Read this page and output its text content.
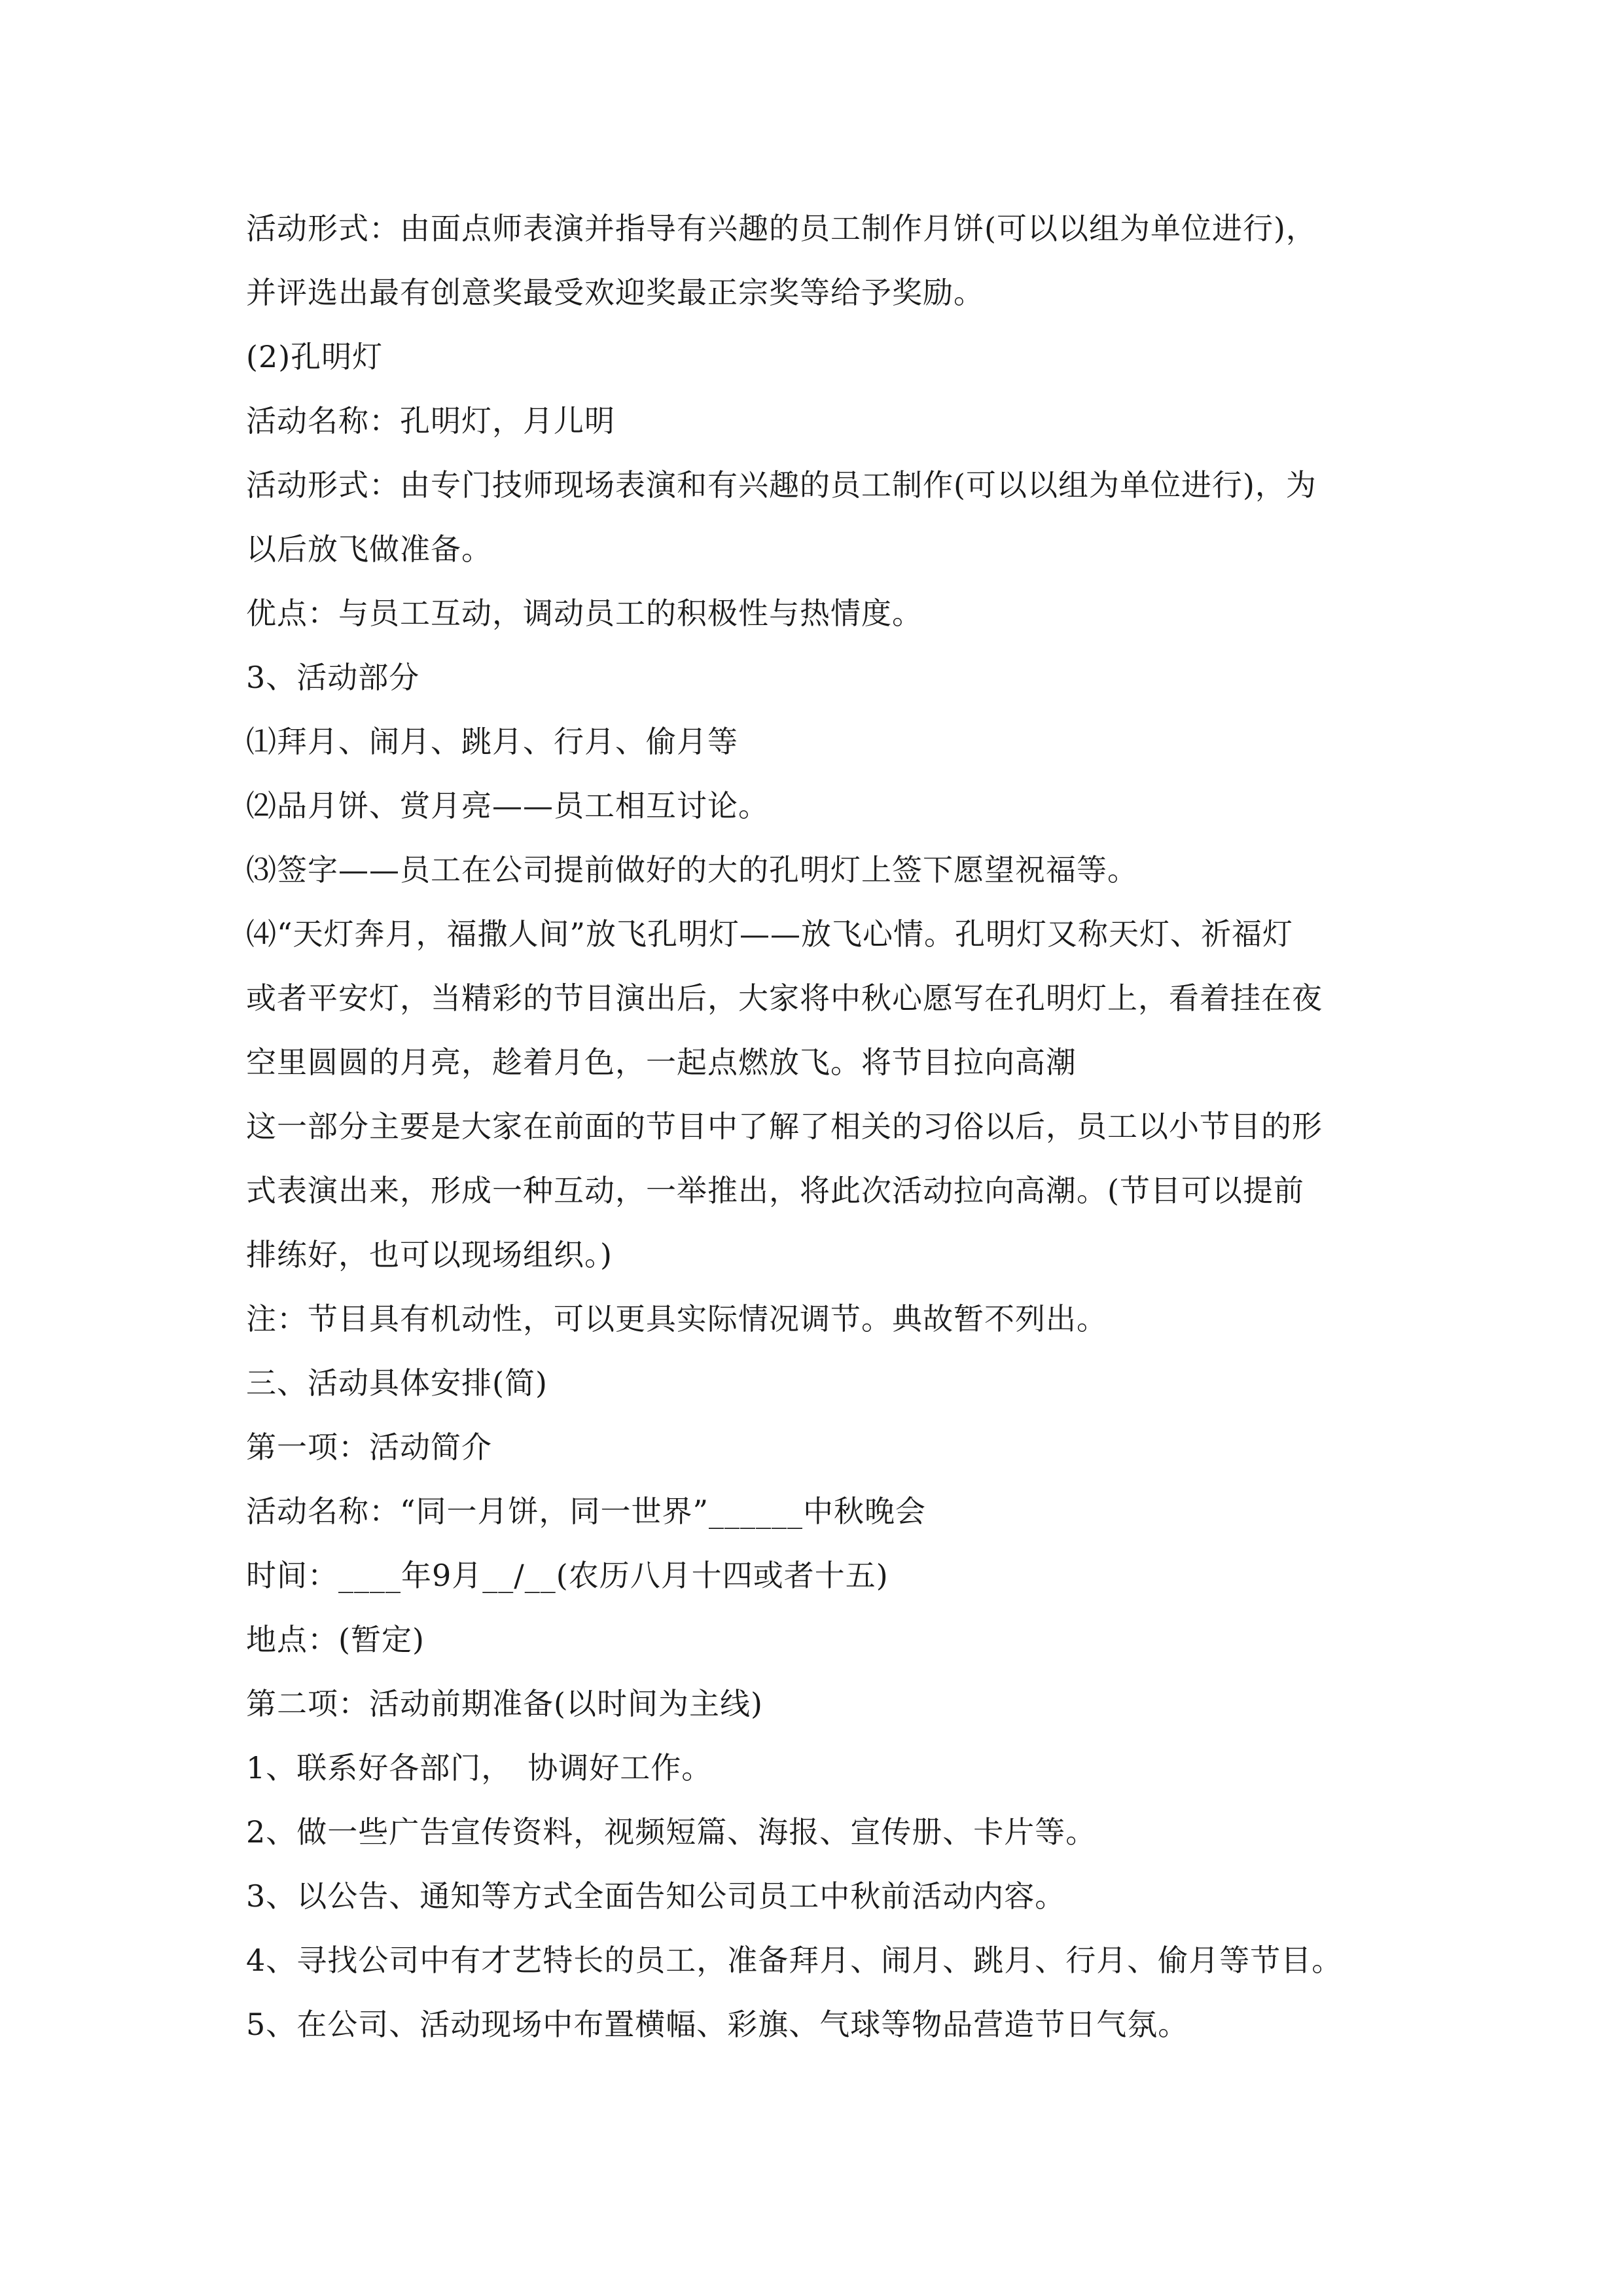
活动形式：由面点师表演并指导有兴趣的员工制作月饼(可以以组为单位进行)，
并评选出最有创意奖最受欢迎奖最正宗奖等给予奖励。
(2)孔明灯
活动名称：孔明灯，月儿明
活动形式：由专门技师现场表演和有兴趣的员工制作(可以以组为单位进行)，为
以后放飞做准备。
优点：与员工互动，调动员工的积极性与热情度。
3、活动部分
⑴拜月、闹月、跳月、行月、偷月等
⑵品月饼、赏月亮——员工相互讨论。
⑶签字——员工在公司提前做好的大的孔明灯上签下愿望祝福等。
⑷“天灯奔月，福撒人间”放飞孔明灯——放飞心情。孔明灯又称天灯、祈福灯
或者平安灯，当精彩的节目演出后，大家将中秋心愿写在孔明灯上，看着挂在夜
空里圆圆的月亮，趁着月色，一起点燃放飞。将节目拉向高潮
这一部分主要是大家在前面的节目中了解了相关的习俗以后，员工以小节目的形
式表演出来，形成一种互动，一举推出，将此次活动拉向高潮。(节目可以提前
排练好，也可以现场组织。)
注：节目具有机动性，可以更具实际情况调节。典故暂不列出。
三、活动具体安排(简)
第一项：活动简介
活动名称：“同一月饼，同一世界”______中秋晚会
时间：____年9月__/__(农历八月十四或者十五)
地点：(暂定)
第二项：活动前期准备(以时间为主线)
1、联系好各部门，　协调好工作。
2、做一些广告宣传资料，视频短篇、海报、宣传册、卡片等。
3、以公告、通知等方式全面告知公司员工中秋前活动内容。
4、寻找公司中有才艺特长的员工，准备拜月、闹月、跳月、行月、偷月等节目。
5、在公司、活动现场中布置横幅、彩旗、气球等物品营造节日气氛。
